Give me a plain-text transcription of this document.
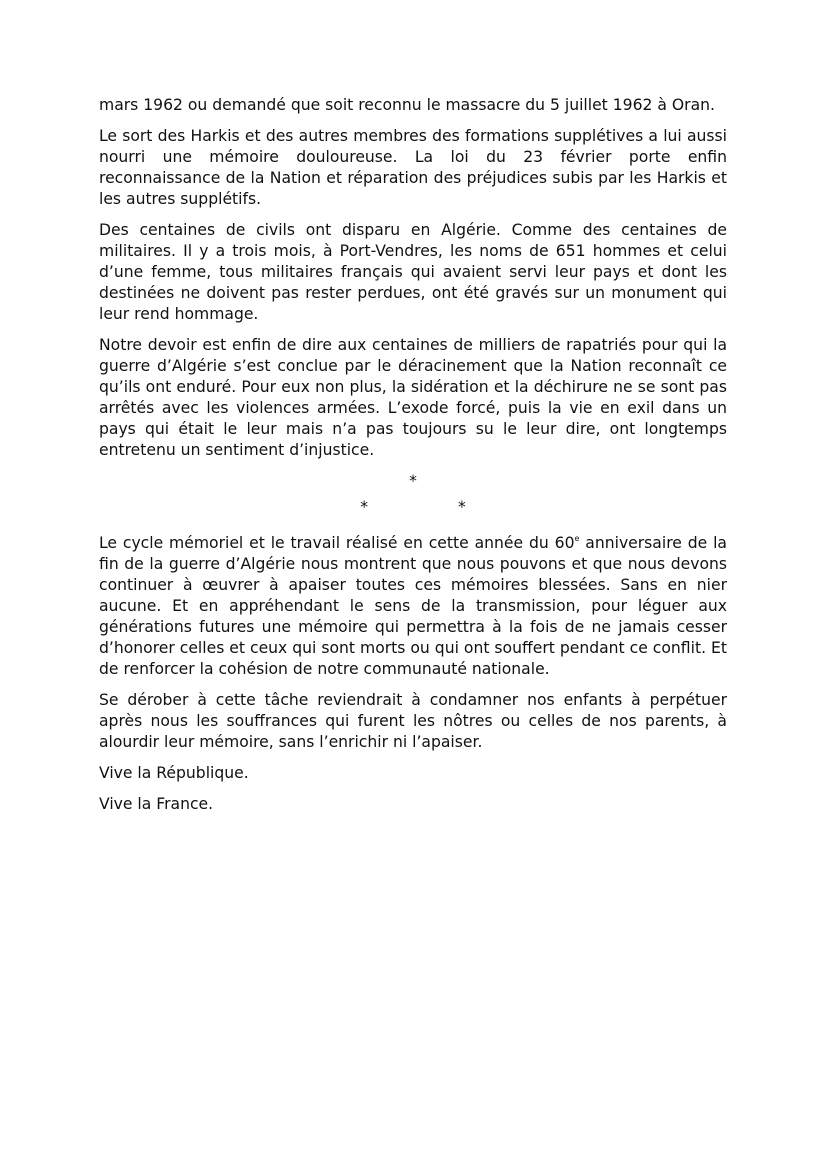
mars 1962 ou demandé que soit reconnu le massacre du 5 juillet 1962 à Oran.

Le sort des Harkis et des autres membres des formations supplétives a lui aussi nourri une mémoire douloureuse. La loi du 23 février porte enfin reconnaissance de la Nation et réparation des préjudices subis par les Harkis et les autres supplétifs.

Des centaines de civils ont disparu en Algérie. Comme des centaines de militaires. Il y a trois mois, à Port-Vendres, les noms de 651 hommes et celui d’une femme, tous militaires français qui avaient servi leur pays et dont les destinées ne doivent pas rester perdues, ont été gravés sur un monument qui leur rend hommage.

Notre devoir est enfin de dire aux centaines de milliers de rapatriés pour qui la guerre d’Algérie s’est conclue par le déracinement que la Nation reconnaît ce qu’ils ont enduré. Pour eux non plus, la sidération et la déchirure ne se sont pas arrêtés avec les violences armées. L’exode forcé, puis la vie en exil dans un pays qui était le leur mais n’a pas toujours su le leur dire, ont longtemps entretenu un sentiment d’injustice.

*
*	*

Le cycle mémoriel et le travail réalisé en cette année du 60e anniversaire de la fin de la guerre d’Algérie nous montrent que nous pouvons et que nous devons continuer à œuvrer à apaiser toutes ces mémoires blessées. Sans en nier aucune. Et en appréhendant le sens de la transmission, pour léguer aux générations futures une mémoire qui permettra à la fois de ne jamais cesser d’honorer celles et ceux qui sont morts ou qui ont souffert pendant ce conflit. Et de renforcer la cohésion de notre communauté nationale.

Se dérober à cette tâche reviendrait à condamner nos enfants à perpétuer après nous les souffrances qui furent les nôtres ou celles de nos parents, à alourdir leur mémoire, sans l’enrichir ni l’apaiser.

Vive la République.

Vive la France.
